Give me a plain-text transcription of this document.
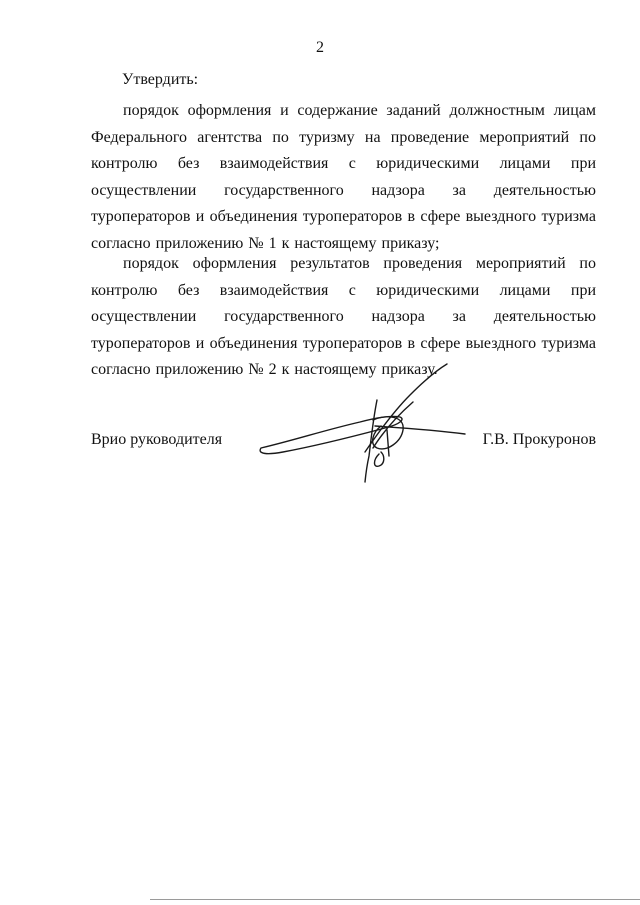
2
Утвердить:

порядок оформления и содержание заданий должностным лицам Федерального агентства по туризму на проведение мероприятий по контролю без взаимодействия с юридическими лицами при осуществлении государственного надзора за деятельностью туроператоров и объединения туроператоров в сфере выездного туризма согласно приложению № 1 к настоящему приказу;

порядок оформления результатов проведения мероприятий по контролю без взаимодействия с юридическими лицами при осуществлении государственного надзора за деятельностью туроператоров и объединения туроператоров в сфере выездного туризма согласно приложению № 2 к настоящему приказу.

Врио руководителя	Г.В. Прокуронов
